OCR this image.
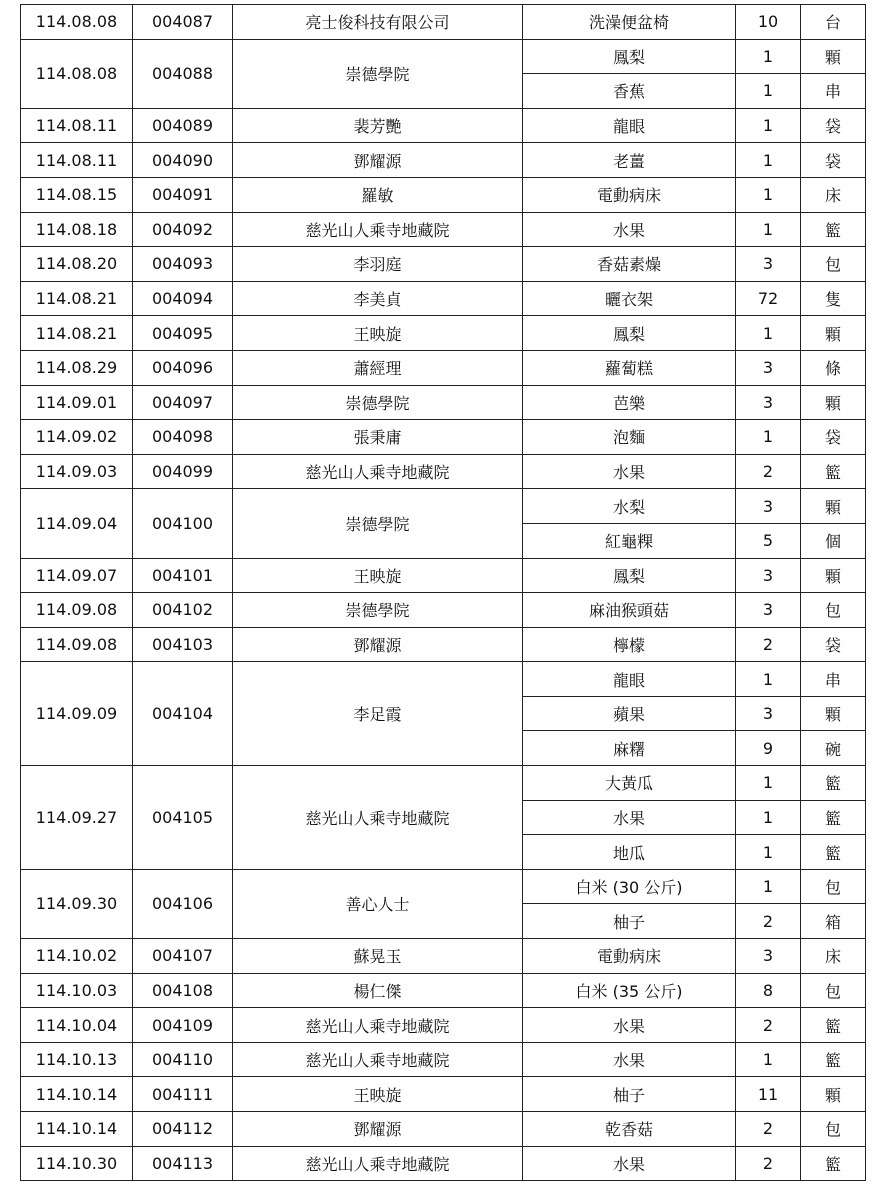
114.08.08	004087	亮士俊科技有限公司	洗澡便盆椅	10	台
114.08.08	004088	崇德學院	鳳梨	1	顆
			香蕉	1	串
114.08.11	004089	裴芳艷	龍眼	1	袋
114.08.11	004090	鄧耀源	老薑	1	袋
114.08.15	004091	羅敏	電動病床	1	床
114.08.18	004092	慈光山人乘寺地藏院	水果	1	籃
114.08.20	004093	李羽庭	香菇素燥	3	包
114.08.21	004094	李美貞	曬衣架	72	隻
114.08.21	004095	王映旋	鳳梨	1	顆
114.08.29	004096	蕭經理	蘿蔔糕	3	條
114.09.01	004097	崇德學院	芭樂	3	顆
114.09.02	004098	張秉庸	泡麵	1	袋
114.09.03	004099	慈光山人乘寺地藏院	水果	2	籃
114.09.04	004100	崇德學院	水梨	3	顆
			紅龜粿	5	個
114.09.07	004101	王映旋	鳳梨	3	顆
114.09.08	004102	崇德學院	麻油猴頭菇	3	包
114.09.08	004103	鄧耀源	檸檬	2	袋
114.09.09	004104	李足霞	龍眼	1	串
			蘋果	3	顆
			麻糬	9	碗
114.09.27	004105	慈光山人乘寺地藏院	大黃瓜	1	籃
			水果	1	籃
			地瓜	1	籃
114.09.30	004106	善心人士	白米 (30 公斤)	1	包
			柚子	2	箱
114.10.02	004107	蘇晃玉	電動病床	3	床
114.10.03	004108	楊仁傑	白米 (35 公斤)	8	包
114.10.04	004109	慈光山人乘寺地藏院	水果	2	籃
114.10.13	004110	慈光山人乘寺地藏院	水果	1	籃
114.10.14	004111	王映旋	柚子	11	顆
114.10.14	004112	鄧耀源	乾香菇	2	包
114.10.30	004113	慈光山人乘寺地藏院	水果	2	籃
